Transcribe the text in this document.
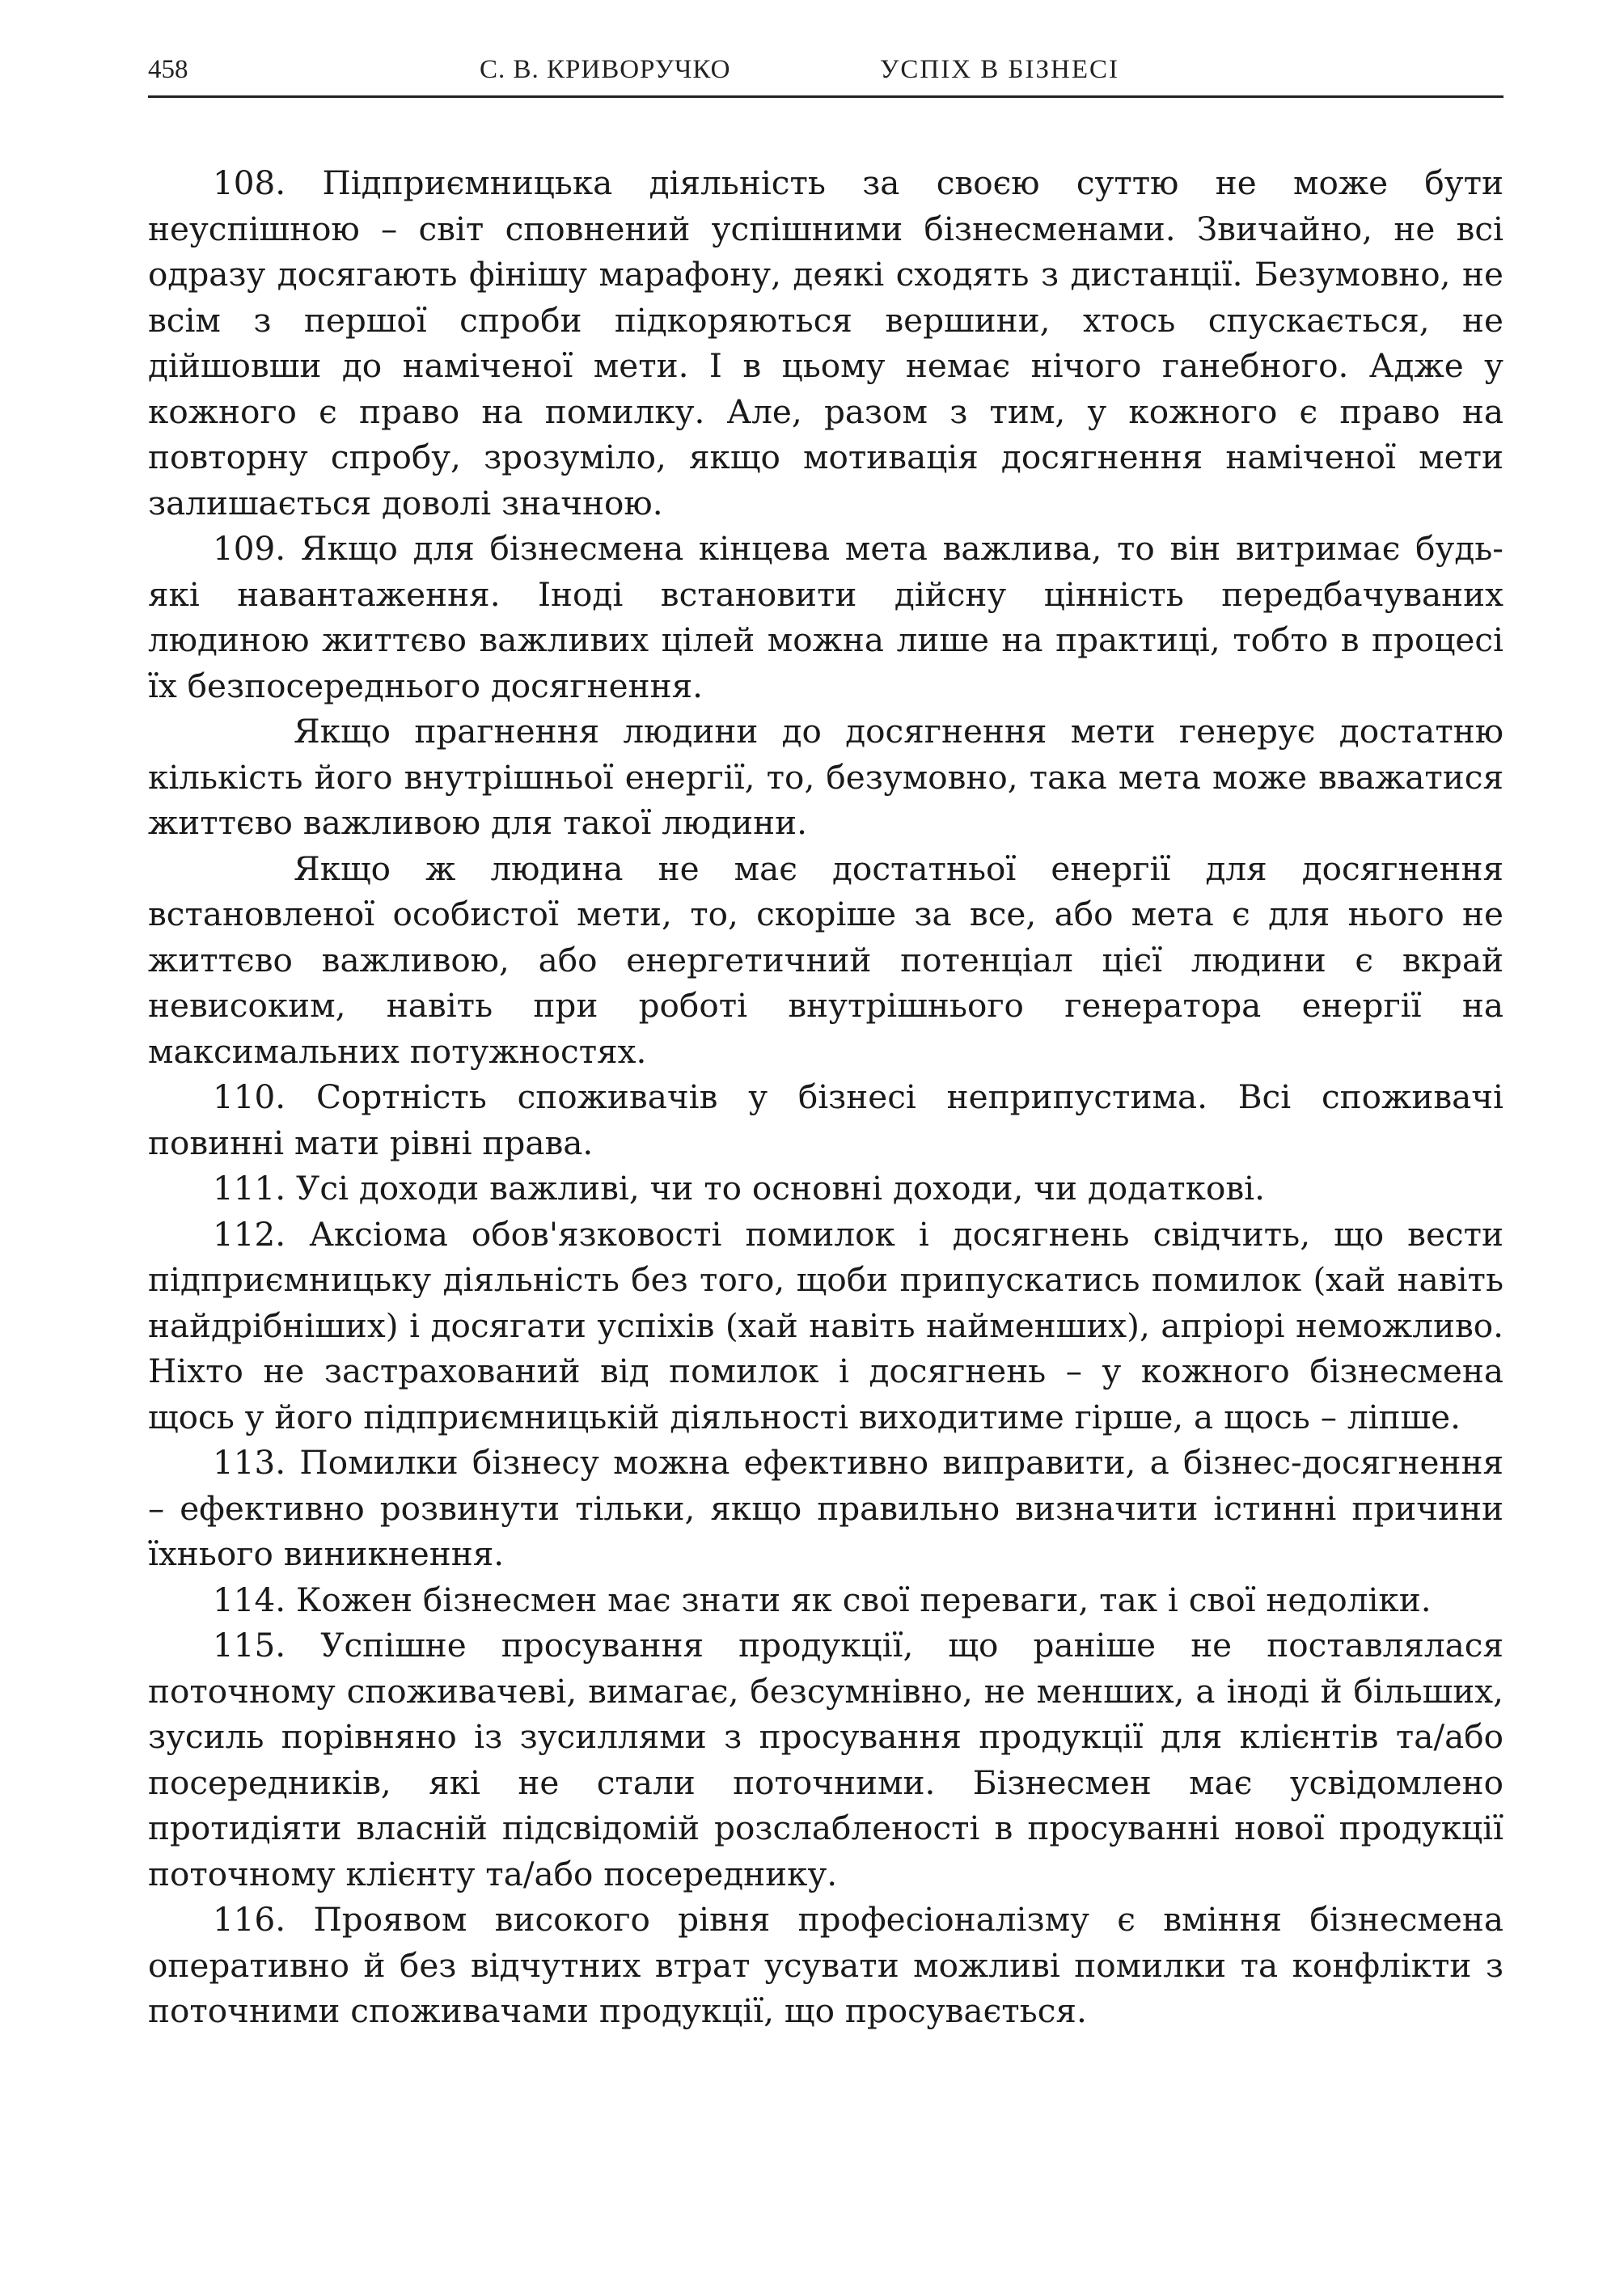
458	С. В. КРИВОРУЧКО	УСПІХ В БІЗНЕСІ

108. Підприємницька діяльність за своєю суттю не може бути неуспішною – світ сповнений успішними бізнесменами. Звичайно, не всі одразу досягають фінішу марафону, деякі сходять з дистанції. Безумовно, не всім з першої спроби підкоряються вершини, хтось спускається, не дійшовши до наміченої мети. І в цьому немає нічого ганебного. Адже у кожного є право на помилку. Але, разом з тим, у кожного є право на повторну спробу, зрозуміло, якщо мотивація досягнення наміченої мети залишається доволі значною.

109. Якщо для бізнесмена кінцева мета важлива, то він витримає будь-які навантаження. Іноді встановити дійсну цінність передбачуваних людиною життєво важливих цілей можна лише на практиці, тобто в процесі їх безпосереднього досягнення.

Якщо прагнення людини до досягнення мети генерує достатню кількість його внутрішньої енергії, то, безумовно, така мета може вважатися життєво важливою для такої людини.

Якщо ж людина не має достатньої енергії для досягнення встановленої особистої мети, то, скоріше за все, або мета є для нього не життєво важливою, або енергетичний потенціал цієї людини є вкрай невисоким, навіть при роботі внутрішнього генератора енергії на максимальних потужностях.

110. Сортність споживачів у бізнесі неприпустима. Всі споживачі повинні мати рівні права.

111. Усі доходи важливі, чи то основні доходи, чи додаткові.

112. Аксіома обов'язковості помилок і досягнень свідчить, що вести підприємницьку діяльність без того, щоби припускатись помилок (хай навіть найдрібніших) і досягати успіхів (хай навіть найменших), апріорі неможливо. Ніхто не застрахований від помилок і досягнень – у кожного бізнесмена щось у його підприємницькій діяльності виходитиме гірше, а щось – ліпше.

113. Помилки бізнесу можна ефективно виправити, а бізнес-досягнення – ефективно розвинути тільки, якщо правильно визначити істинні причини їхнього виникнення.

114. Кожен бізнесмен має знати як свої переваги, так і свої недоліки.

115. Успішне просування продукції, що раніше не поставлялася поточному споживачеві, вимагає, безсумнівно, не менших, а іноді й більших, зусиль порівняно із зусиллями з просування продукції для клієнтів та/або посередників, які не стали поточними. Бізнесмен має усвідомлено протидіяти власній підсвідомій розслабленості в просуванні нової продукції поточному клієнту та/або посереднику.

116. Проявом високого рівня професіоналізму є вміння бізнесмена оперативно й без відчутних втрат усувати можливі помилки та конфлікти з поточними споживачами продукції, що просувається.
